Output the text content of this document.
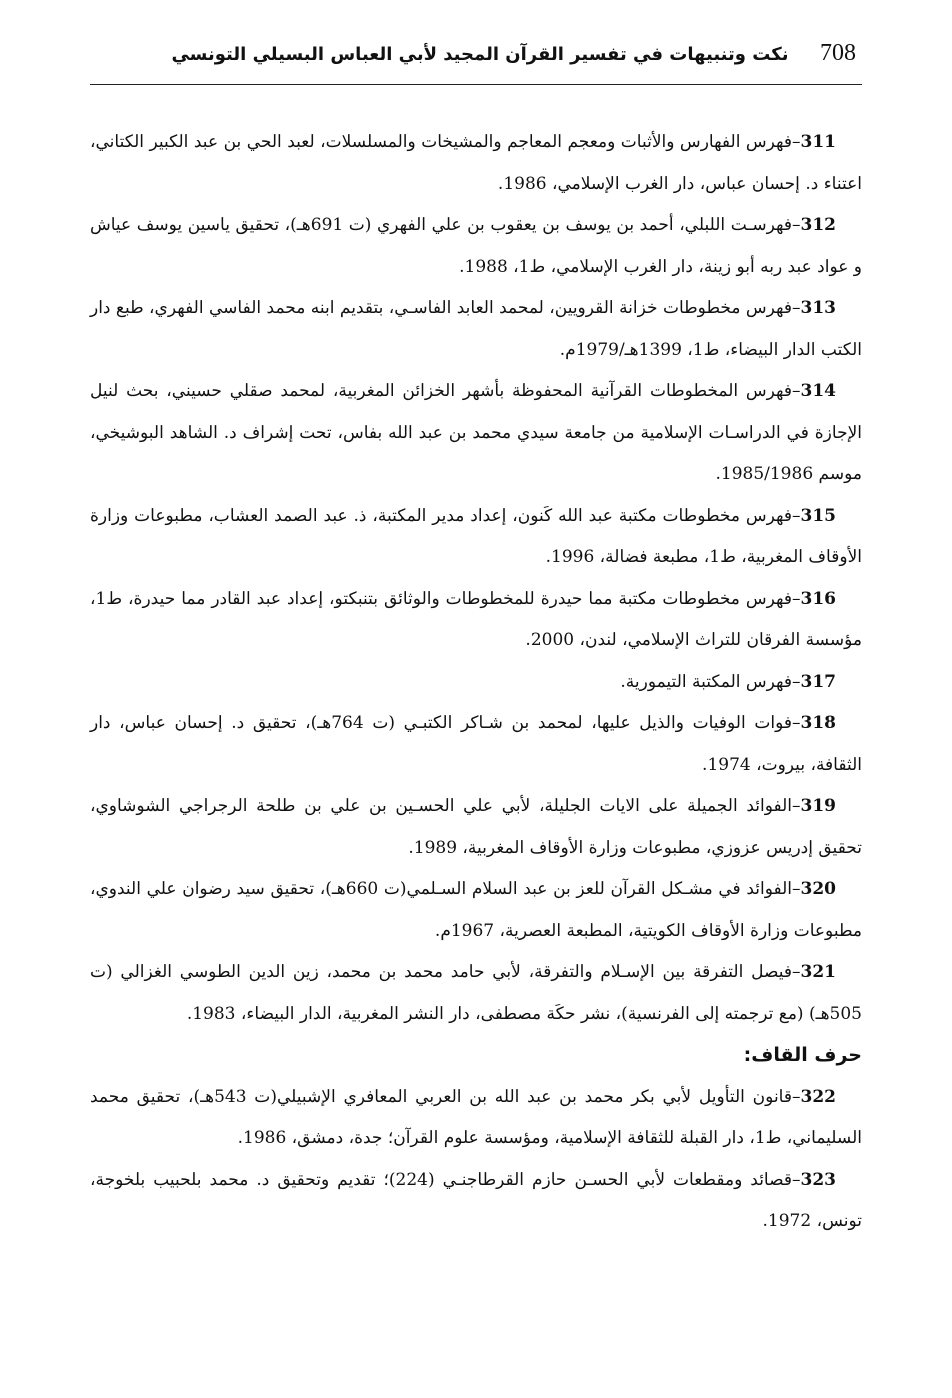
708
نكت وتنبيهات في تفسير القرآن المجيد لأبي العباس البسيلي التونسي

311–فهرس الفهارس والأثبات ومعجم المعاجم والمشيخات والمسلسلات، لعبد الحي بن عبد الكبير الكتاني، اعتناء د. إحسان عباس، دار الغرب الإسلامي، 1986.

312–فهرسـت اللبلي، أحمد بن يوسف بن يعقوب بن علي الفهري (ت 691هـ)، تحقيق ياسين يوسف عياش و عواد عبد ربه أبو زينة، دار الغرب الإسلامي، ط1، 1988.

313–فهرس مخطوطات خزانة القرويين، لمحمد العابد الفاسـي، بتقديم ابنه محمد الفاسي الفهري، طبع دار الكتب الدار البيضاء، ط1، 1399هـ/1979م.

314–فهرس المخطوطات القرآنية المحفوظة بأشهر الخزائن المغربية، لمحمد صقلي حسيني، بحث لنيل الإجازة في الدراسـات الإسلامية من جامعة سيدي محمد بن عبد الله بفاس، تحت إشراف د. الشاهد البوشيخي، موسم 1985/1986.

315–فهرس مخطوطات مكتبة عبد الله كَنون، إعداد مدير المكتبة، ذ. عبد الصمد العشاب، مطبوعات وزارة الأوقاف المغربية، ط1، مطبعة فضالة، 1996.

316–فهرس مخطوطات مكتبة مما حيدرة للمخطوطات والوثائق بتنبكتو، إعداد عبد القادر مما حيدرة، ط1، مؤسسة الفرقان للتراث الإسلامي، لندن، 2000.

317–فهرس المكتبة التيمورية.

318–فوات الوفيات والذيل عليها، لمحمد بن شـاكر الكتبـي (ت 764هـ)، تحقيق د. إحسان عباس، دار الثقافة، بيروت، 1974.

319–الفوائد الجميلة على الايات الجليلة، لأبي علي الحسـين بن علي بن طلحة الرجراجي الشوشاوي، تحقيق إدريس عزوزي، مطبوعات وزارة الأوقاف المغربية، 1989.

320–الفوائد في مشـكل القرآن للعز بن عبد السلام السـلمي(ت 660هـ)، تحقيق سيد رضوان علي الندوي، مطبوعات وزارة الأوقاف الكويتية، المطبعة العصرية، 1967م.

321–فيصل التفرقة بين الإسـلام والتفرقة، لأبي حامد محمد بن محمد، زين الدين الطوسي الغزالي (ت 505هـ) (مع ترجمته إلى الفرنسية)، نشر حكَة مصطفى، دار النشر المغربية، الدار البيضاء، 1983.

حرف القاف:

322–قانون التأويل لأبي بكر محمد بن عبد الله بن العربي المعافري الإشبيلي(ت 543هـ)، تحقيق محمد السليماني، ط1، دار القبلة للثقافة الإسلامية، ومؤسسة علوم القرآن؛ جدة، دمشق، 1986.

323–قصائد ومقطعات لأبي الحسـن حازم القرطاجنـي (224)؛ تقديم وتحقيق د. محمد بلحبيب بلخوجة، تونس، 1972.
